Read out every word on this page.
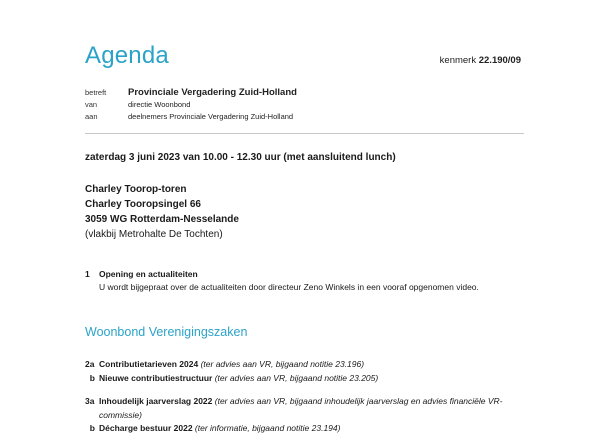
Agenda	kenmerk 22.190/09
betreft	Provinciale Vergadering Zuid-Holland
van	directie Woonbond
aan	deelnemers Provinciale Vergadering Zuid-Holland
zaterdag 3 juni 2023 van 10.00 - 12.30 uur (met aansluitend lunch)
Charley Toorop-toren
Charley Tooropsingel 66
3059 WG Rotterdam-Nesselande
(vlakbij Metrohalte De Tochten)
1	Opening en actualiteiten
U wordt bijgepraat over de actualiteiten door directeur Zeno Winkels in een vooraf opgenomen video.
Woonbond Verenigingszaken
2a Contributietarieven 2024 (ter advies aan VR, bijgaand notitie 23.196)
b Nieuwe contributiestructuur (ter advies aan VR, bijgaand notitie 23.205)
3a Inhoudelijk jaarverslag 2022 (ter advies aan VR, bijgaand inhoudelijk jaarverslag en advies financiële VR-commissie)
b Décharge bestuur 2022 (ter informatie, bijgaand notitie 23.194)
